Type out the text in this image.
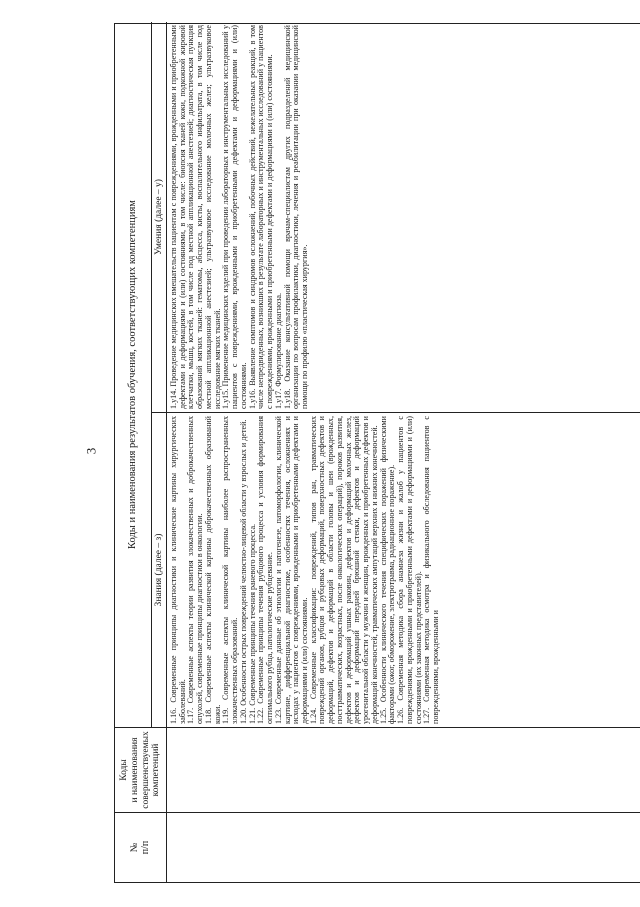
3
№ п/п
Коды и наименования совершенствуемых компетенций
Коды и наименования результатов обучения, соответствующих компетенциям
Знания (далее – з)
Умения (далее – у)

1.16. Современные принципы диагностики и клинические картины хирургических заболеваний. 1.17. Современные аспекты теории развития злокачественных и доброкачественных опухолей, современные принципы диагностики в онкологии. 1.18. Современные аспекты клинической картины доброкачественных образований кожи. 1.19. Современные аспекты клинической картины наиболее распространенных злокачественных образований. 1.20. Особенности острых повреждений челюстно-лицевой области у взрослых и детей. 1.21. Современные принципы течения раневого процесса. 1.22. Современные принципы течения рубцового процесса и условия формирования оптимального рубца, патологические рубцевание. 1.23. Современные данные об этиологии и патогенезе, патоморфологии, клинической картине, дифференциальной диагностике, особенностях течения, осложнениях и исходах у пациентов с повреждениями, врожденными и приобретенными дефектами и деформациями и (или) состояниями. 1.24. Современные классификации: повреждений, типов ран, травматических повреждений органов, рубцов и рубцовых деформаций, поверхностных дефектов и деформаций, дефектов и деформаций в области головы и шеи (врожденных, посттравматических, возрастных, после онкологических операций), пороков развития, дефектов и деформаций ушных раковин, дефектов и деформаций молочных желез, дефектов и деформаций передней брюшной стенки, дефектов и деформаций урогенитальной области у мужчин и женщин, врожденных и приобретенных дефектов и деформаций конечностей, травматических ампутаций верхних и нижних конечностей. 1.25. Особенности клинического течения специфических поражений физическими факторами (ожог, обморожение, электротравма, радиационное поражение). 1.26. Современная методика сбора анамнеза жизни и жалоб у пациентов с повреждениями, врожденными и приобретенными дефектами и деформациями и (или) состояниями (их законных представителей). 1.27. Современная методика осмотра и физикального обследования пациентов с повреждениями, врожденными и

1.у14. Проведение медицинских вмешательств пациентам с повреждениями, врожденными и приобретенными дефектами и деформациями и (или) состояниями, в том числе: биопсия тканей кожи, подкожной жировой клетчатки, мышц, костей, в том числе под местной аппликационной анестезией; диагностическая пункция образований мягких тканей: гематомы, абсцесса, кисты, воспалительного инфильтрата, в том числе под местной аппликационной анестезией; ультразвуковое исследование молочных желез; ультразвуковое исследование мягких тканей. 1.у15. Применение медицинских изделий при проведении лабораторных и инструментальных исследований у пациентов с повреждениями, врожденными и приобретенными дефектами и деформациями и (или) состояниями. 1.у16. Выявление симптомов и синдромов осложнений, побочных действий, нежелательных реакций, в том числе непредвиденных, возникших в результате лабораторных и инструментальных исследований у пациентов с повреждениями, врожденными и приобретенными дефектами и деформациями и (или) состояниями. 1.у17. Формулирование диагноза. 1.у18. Оказание консультативной помощи врачам-специалистам других подразделений медицинской организации по вопросам профилактики, диагностики, лечения и реабилитации при оказании медицинской помощи по профилю «пластическая хирургия».
